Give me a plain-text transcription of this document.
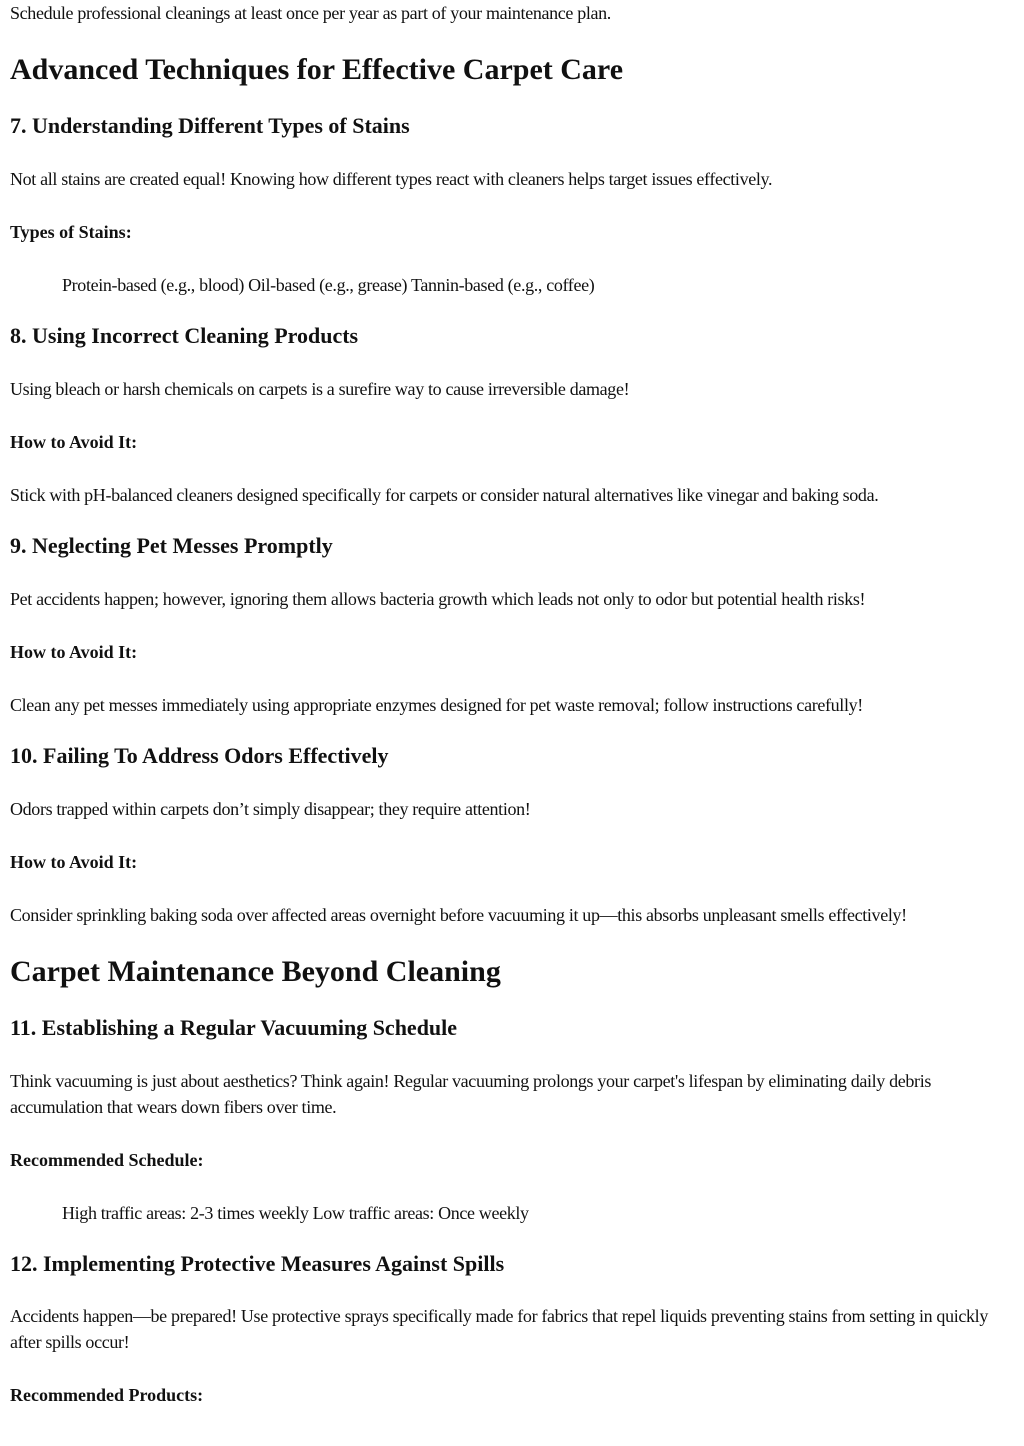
Schedule professional cleanings at least once per year as part of your maintenance plan.

Advanced Techniques for Effective Carpet Care
7. Understanding Different Types of Stains

Not all stains are created equal! Knowing how different types react with cleaners helps target issues effectively.

Types of Stains:

Protein-based (e.g., blood) Oil-based (e.g., grease) Tannin-based (e.g., coffee)

8. Using Incorrect Cleaning Products

Using bleach or harsh chemicals on carpets is a surefire way to cause irreversible damage!

How to Avoid It:

Stick with pH-balanced cleaners designed specifically for carpets or consider natural alternatives like vinegar and baking soda.

9. Neglecting Pet Messes Promptly

Pet accidents happen; however, ignoring them allows bacteria growth which leads not only to odor but potential health risks!

How to Avoid It:

Clean any pet messes immediately using appropriate enzymes designed for pet waste removal; follow instructions carefully!

10. Failing To Address Odors Effectively

Odors trapped within carpets don’t simply disappear; they require attention!

How to Avoid It:

Consider sprinkling baking soda over affected areas overnight before vacuuming it up—this absorbs unpleasant smells effectively!

Carpet Maintenance Beyond Cleaning
11. Establishing a Regular Vacuuming Schedule

Think vacuuming is just about aesthetics? Think again! Regular vacuuming prolongs your carpet's lifespan by eliminating daily debris accumulation that wears down fibers over time.

Recommended Schedule:

High traffic areas: 2-3 times weekly Low traffic areas: Once weekly

12. Implementing Protective Measures Against Spills

Accidents happen—be prepared! Use protective sprays specifically made for fabrics that repel liquids preventing stains from setting in quickly after spills occur!

Recommended Products:
